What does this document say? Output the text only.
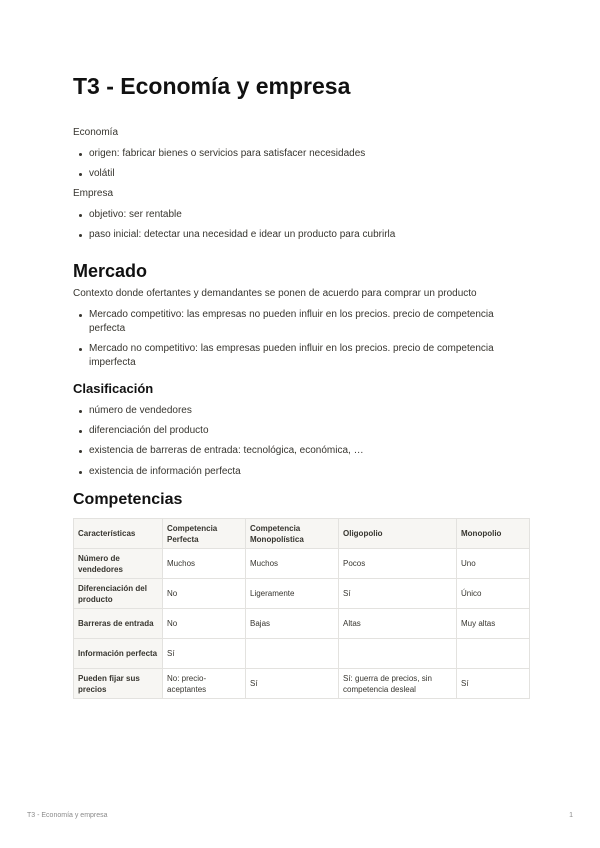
T3 - Economía y empresa

Economía

origen: fabricar bienes o servicios para satisfacer necesidades
volátil

Empresa

objetivo: ser rentable
paso inicial: detectar una necesidad e idear un producto para cubrirla
Mercado

Contexto donde ofertantes y demandantes se ponen de acuerdo para comprar un producto

Mercado competitivo: las empresas no pueden influir en los precios. precio de competencia perfecta
Mercado no competitivo: las empresas pueden influir en los precios. precio de competencia imperfecta
Clasificación
número de vendedores
diferenciación del producto
existencia de barreras de entrada: tecnológica, económica, …
existencia de información perfecta
Competencias
Características	Competencia Perfecta	Competencia Monopolística	Oligopolio	Monopolio
Número de vendedores	Muchos	Muchos	Pocos	Uno
Diferenciación del producto	No	Ligeramente	Sí	Único
Barreras de entrada	No	Bajas	Altas	Muy altas
Información perfecta	Sí			
Pueden fijar sus precios	No: precio-aceptantes	Sí	Sí: guerra de precios, sin competencia desleal	Sí
T3 - Economía y empresa	1
